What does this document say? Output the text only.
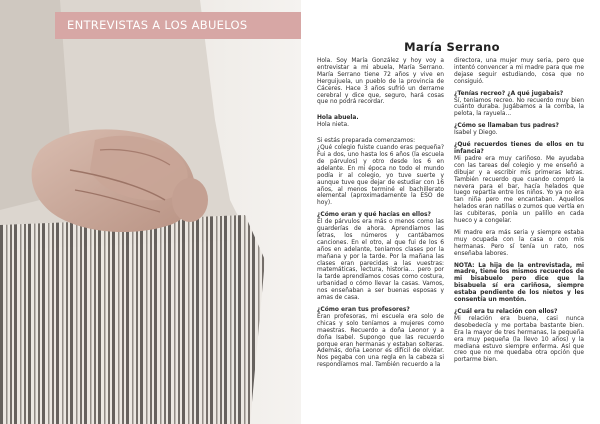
ENTREVISTAS A LOS ABUELOS
María Serrano

Hola. Soy María González y hoy voy a entrevistar a mi abuela, María Serrano. María Serrano tiene 72 años y vive en Herguijuela, un pueblo de la provincia de Cáceres. Hace 3 años sufrió un derrame cerebral y dice que, seguro, hará cosas que no podrá recordar.

Hola abuela.

Hola nieta.

Si estás preparada comenzamos:

¿Qué colegio fuiste cuando eras pequeña? Fui a dos, uno hasta los 6 años (la escuela de párvulos) y otro desde los 6 en adelante. En mi época no todo el mundo podía ir al colegio, yo tuve suerte y aunque tuve que dejar de estudiar con 16 años, al menos terminé el bachillerato elemental (aproximadamente la ESO de hoy).

¿Cómo eran y qué hacías en ellos?

El de párvulos era más o menos como las guarderías de ahora. Aprendíamos las letras, los números y cantábamos canciones. En el otro, al que fui de los 6 años en adelante, teníamos clases por la mañana y por la tarde. Por la mañana las clases eran parecidas a las vuestras: matemáticas, lectura, historia... pero por la tarde aprendíamos cosas como costura, urbanidad o cómo llevar la casas. Vamos, nos enseñaban a ser buenas esposas y amas de casa.

¿Cómo eran tus profesores?

Eran profesoras, mi escuela era solo de chicas y solo teníamos a mujeres como maestras. Recuerdo a doña Leonor y a doña Isabel. Supongo que las recuerdo porque eran hermanas y estaban solteras. Además, doña Leonor es difícil de olvidar. Nos pegaba con una regla en la cabeza si respondíamos mal. También recuerdo a la

directora, una mujer muy seria, pero que intentó convencer a mi madre para que me dejase seguir estudiando, cosa que no consiguió.

¿Tenías recreo? ¿A qué jugabais?

Sí, teníamos recreo. No recuerdo muy bien cuánto duraba. Jugábamos a la comba, la pelota, la rayuela...

¿Cómo se llamaban tus padres?

Isabel y Diego.

¿Qué recuerdos tienes de ellos en tu infancia?

Mi padre era muy cariñoso. Me ayudaba con las tareas del colegio y me enseñó a dibujar y a escribir mis primeras letras. También recuerdo que cuando compró la nevera para el bar, hacía helados que luego repartía entre los niños. Yo ya no era tan niña pero me encantaban. Aquellos helados eran natillas o zumos que vertía en las cubiteras, ponía un palillo en cada hueco y a congelar.

Mi madre era más seria y siempre estaba muy ocupada con la casa o con mis hermanas. Pero sí tenía un rato, nos enseñaba labores.

NOTA: La hija de la entrevistada, mi madre, tiene los mismos recuerdos de mi bisabuelo pero dice que la bisabuela sí era cariñosa, siempre estaba pendiente de los nietos y les consentía un montón.

¿Cuál era tu relación con ellos?

Mi relación era buena, casi nunca desobedecía y me portaba bastante bien. Era la mayor de tres hermanas, la pequeña era muy pequeña (la llevo 10 años) y la mediana estuvo siempre enferma. Así que creo que no me quedaba otra opción que portarme bien.
